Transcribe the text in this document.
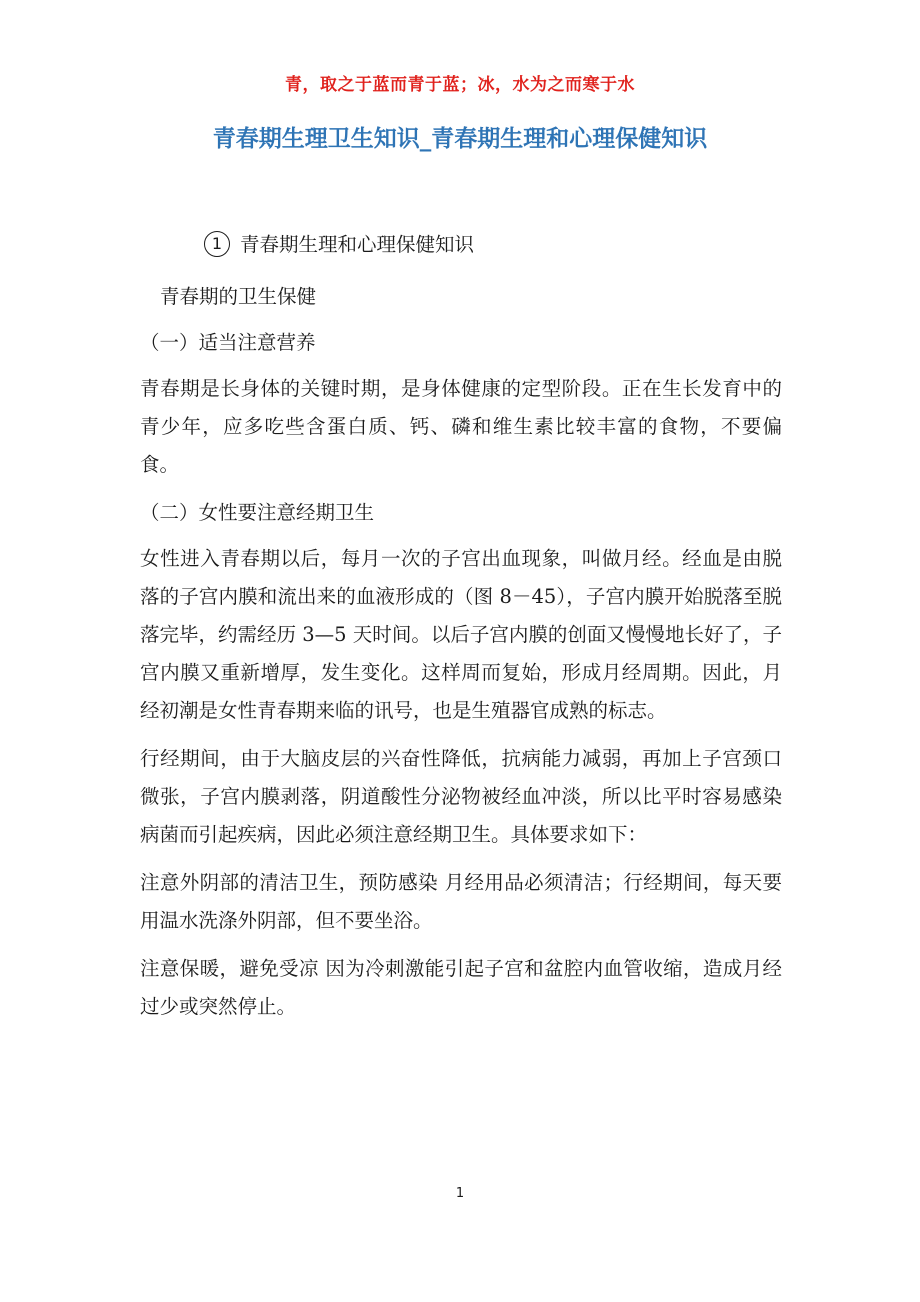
青，取之于蓝而青于蓝；冰，水为之而寒于水
青春期生理卫生知识_青春期生理和心理保健知识

1 青春期生理和心理保健知识

青春期的卫生保健

（一）适当注意营养

青春期是长身体的关键时期，是身体健康的定型阶段。正在生长发育中的青少年，应多吃些含蛋白质、钙、磷和维生素比较丰富的食物，不要偏食。

（二）女性要注意经期卫生

女性进入青春期以后，每月一次的子宫出血现象，叫做月经。经血是由脱落的子宫内膜和流出来的血液形成的（图 8－45），子宫内膜开始脱落至脱落完毕，约需经历 3—5 天时间。以后子宫内膜的创面又慢慢地长好了，子宫内膜又重新增厚，发生变化。这样周而复始，形成月经周期。因此，月经初潮是女性青春期来临的讯号，也是生殖器官成熟的标志。

行经期间，由于大脑皮层的兴奋性降低，抗病能力减弱，再加上子宫颈口微张，子宫内膜剥落，阴道酸性分泌物被经血冲淡，所以比平时容易感染病菌而引起疾病，因此必须注意经期卫生。具体要求如下：

注意外阴部的清洁卫生，预防感染 月经用品必须清洁；行经期间，每天要用温水洗涤外阴部，但不要坐浴。

注意保暖，避免受凉 因为冷刺激能引起子宫和盆腔内血管收缩，造成月经过少或突然停止。

1
